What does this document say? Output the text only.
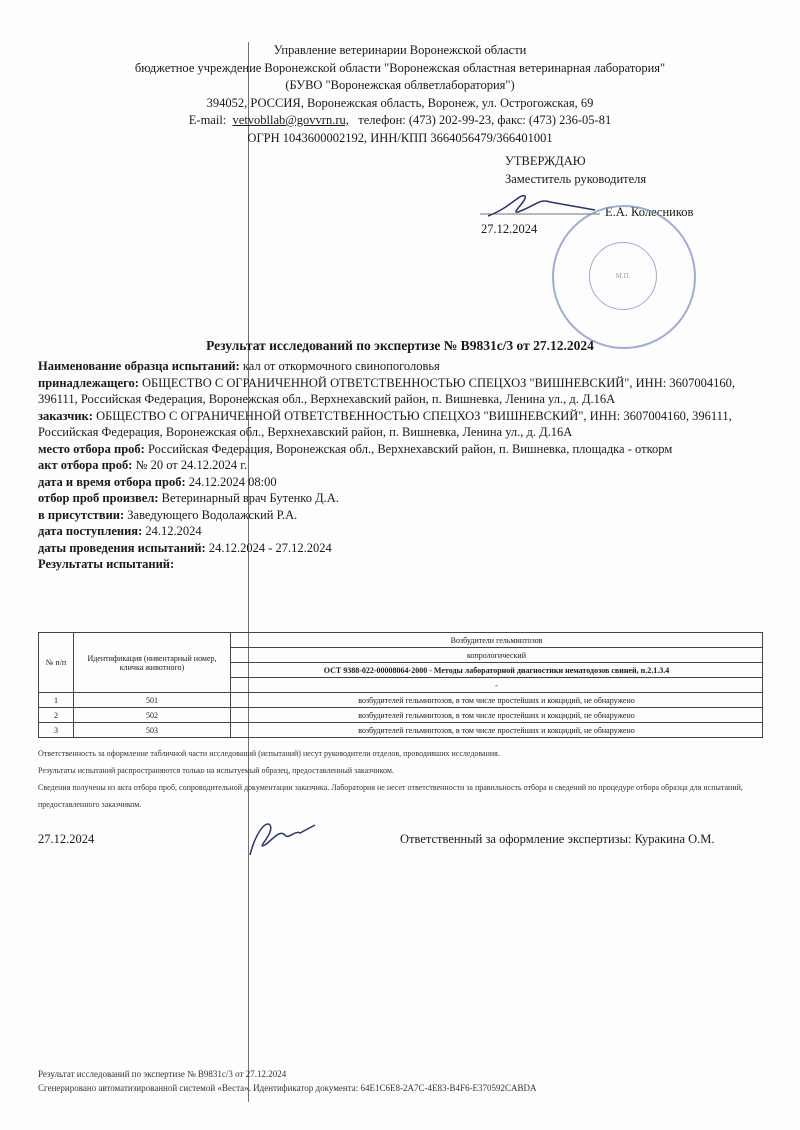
Управление ветеринарии Воронежской области
бюджетное учреждение Воронежской области "Воронежская областная ветеринарная лаборатория"
(БУВО "Воронежская облветлаборатория")
394052, РОССИЯ, Воронежская область, Воронеж, ул. Острогожская, 69
E-mail: vetvobllab@govvrn.ru, телефон: (473) 202-99-23, факс: (473) 236-05-81
ОГРН 1043600002192, ИНН/КПП 3664056479/366401001
УТВЕРЖДАЮ
Заместитель руководителя
Е.А. Колесников
27.12.2024
М.П.
Результат исследований по экспертизе № В9831с/3 от 27.12.2024
Наименование образца испытаний: кал от откормочного свинопоголовья
принадлежащего: ОБЩЕСТВО С ОГРАНИЧЕННОЙ ОТВЕТСТВЕННОСТЬЮ СПЕЦХОЗ "ВИШНЕВСКИЙ", ИНН: 3607004160, 396111, Российская Федерация, Воронежская обл., Верхнехавский район, п. Вишневка, Ленина ул., д. Д.16А
заказчик: ОБЩЕСТВО С ОГРАНИЧЕННОЙ ОТВЕТСТВЕННОСТЬЮ СПЕЦХОЗ "ВИШНЕВСКИЙ", ИНН: 3607004160, 396111, Российская Федерация, Воронежская обл., Верхнехавский район, п. Вишневка, Ленина ул., д. Д.16А
место отбора проб: Российская Федерация, Воронежская обл., Верхнехавский район, п. Вишневка, площадка - откорм
акт отбора проб: № 20 от 24.12.2024 г.
дата и время отбора проб: 24.12.2024 08:00
отбор проб произвел: Ветеринарный врач Бутенко Д.А.
в присутствии: Заведующего Водолажский Р.А.
дата поступления: 24.12.2024
даты проведения испытаний: 24.12.2024 - 27.12.2024
Результаты испытаний:
№ п/п	Идентификация (инвентарный номер, кличка животного)	Возбудители гельминтозов
		копрологический
		ОСТ 9388-022-00008064-2000 - Методы лабораторной диагностики нематодозов свиней, п.2.1.3.4
		-
1	501	возбудителей гельминтозов, в том числе простейших и кокцидий, не обнаружено
2	502	возбудителей гельминтозов, в том числе простейших и кокцидий, не обнаружено
3	503	возбудителей гельминтозов, в том числе простейших и кокцидий, не обнаружено
Ответственность за оформление табличной части исследований (испытаний) несут руководители отделов, проводивших исследования.
Результаты испытаний распространяются только на испытуемый образец, предоставленный заказчиком.
Сведения получены из акта отбора проб, сопроводительной документации заказчика. Лаборатория не несет ответственности за правильность отбора и сведений по процедуре отбора образца для испытаний, предоставленного заказчиком.
27.12.2024	Ответственный за оформление экспертизы: Куракина О.М.
Результат исследований по экспертизе № В9831с/3 от 27.12.2024
Сгенерировано автоматизированной системой «Веста». Идентификатор документа: 64E1C6E8-2A7C-4E83-B4F6-E370592CABDA
